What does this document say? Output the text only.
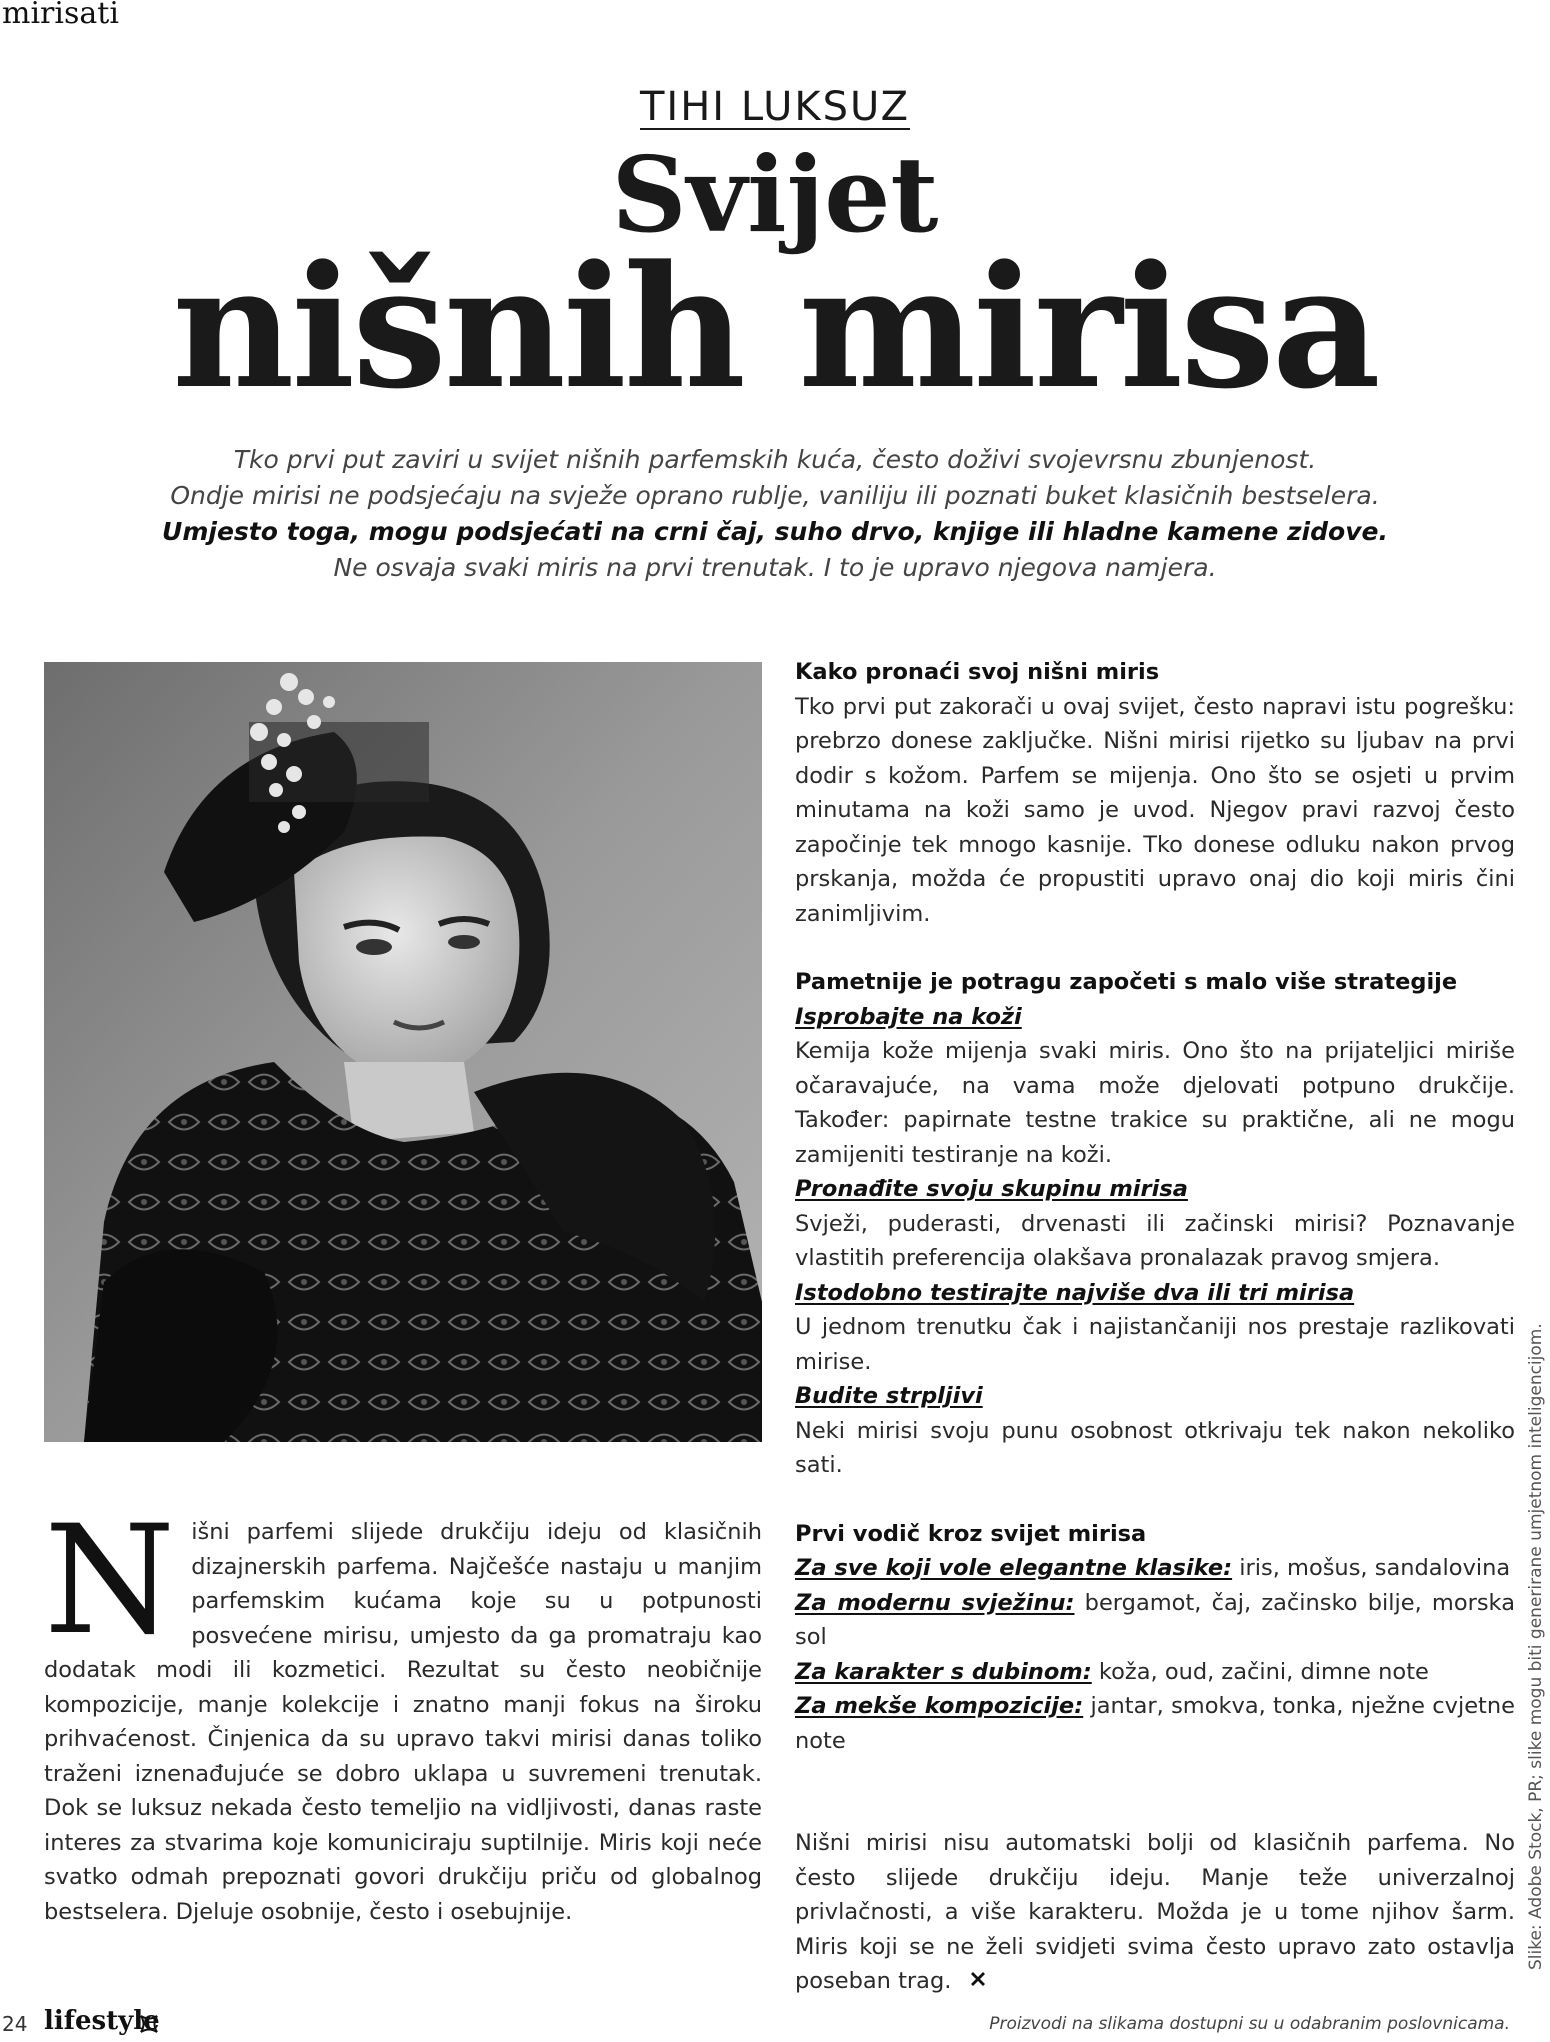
mirisati
TIHI LUKSUZ
Svijet
nišnih mirisa
Tko prvi put zaviri u svijet nišnih parfemskih kuća, često doživi svojevrsnu zbunjenost.
Ondje mirisi ne podsjećaju na svježe oprano rublje, vaniliju ili poznati buket klasičnih bestselera.
Umjesto toga, mogu podsjećati na crni čaj, suho drvo, knjige ili hladne kamene zidove.
Ne osvaja svaki miris na prvi trenutak. I to je upravo njegova namjera.
N išni parfemi slijede drukčiju ideju od klasičnih dizajnerskih parfema. Najčešće nastaju u manjim parfemskim kućama koje su u potpunosti posvećene mirisu, umjesto da ga promatraju kao dodatak modi ili kozmetici. Rezultat su često neobičnije kompozicije, manje kolekcije i znatno manji fokus na široku prihvaćenost. Činjenica da su upravo takvi mirisi danas toliko traženi iznenađujuće se dobro uklapa u suvremeni trenutak. Dok se luksuz nekada često temeljio na vidljivosti, danas raste interes za stvarima koje komuniciraju suptilnije. Miris koji neće svatko odmah prepoznati govori drukčiju priču od globalnog bestselera. Djeluje osobnije, često i osebujnije.
Kako pronaći svoj nišni miris

Tko prvi put zakorači u ovaj svijet, često napravi istu pogrešku: prebrzo donese zaključke. Nišni mirisi rijetko su ljubav na prvi dodir s kožom. Parfem se mijenja. Ono što se osjeti u prvim minutama na koži samo je uvod. Njegov pravi razvoj često započinje tek mnogo kasnije. Tko donese odluku nakon prvog prskanja, možda će propustiti upravo onaj dio koji miris čini zanimljivim.

Pametnije je potragu započeti s malo više strategije
Isprobajte na koži

Kemija kože mijenja svaki miris. Ono što na prijateljici miriše očaravajuće, na vama može djelovati potpuno drukčije. Također: papirnate testne trakice su praktične, ali ne mogu zamijeniti testiranje na koži.

Pronađite svoju skupinu mirisa

Svježi, puderasti, drvenasti ili začinski mirisi? Poznavanje vlastitih preferencija olakšava pronalazak pravog smjera.

Istodobno testirajte najviše dva ili tri mirisa

U jednom trenutku čak i najistančaniji nos prestaje razlikovati mirise.

Budite strpljivi

Neki mirisi svoju punu osobnost otkrivaju tek nakon nekoliko sati.

Prvi vodič kroz svijet mirisa

Za sve koji vole elegantne klasike: iris, mošus, sandalovina

Za modernu svježinu: bergamot, čaj, začinsko bilje, morska sol

Za karakter s dubinom: koža, oud, začini, dimne note

Za mekše kompozicije: jantar, smokva, tonka, nježne cvjetne note

Nišni mirisi nisu automatski bolji od klasičnih parfema. No često slijede drukčiju ideju. Manje teže univerzalnoj privlačnosti, a više karakteru. Možda je u tome njihov šarm. Miris koji se ne želi svidjeti svima često upravo zato ostavlja poseban trag.

Slike: Adobe Stock, PR; slike mogu biti generirane umjetnom inteligencijom.
24 lifestyle	Proizvodi na slikama dostupni su u odabranim poslovnicama.
